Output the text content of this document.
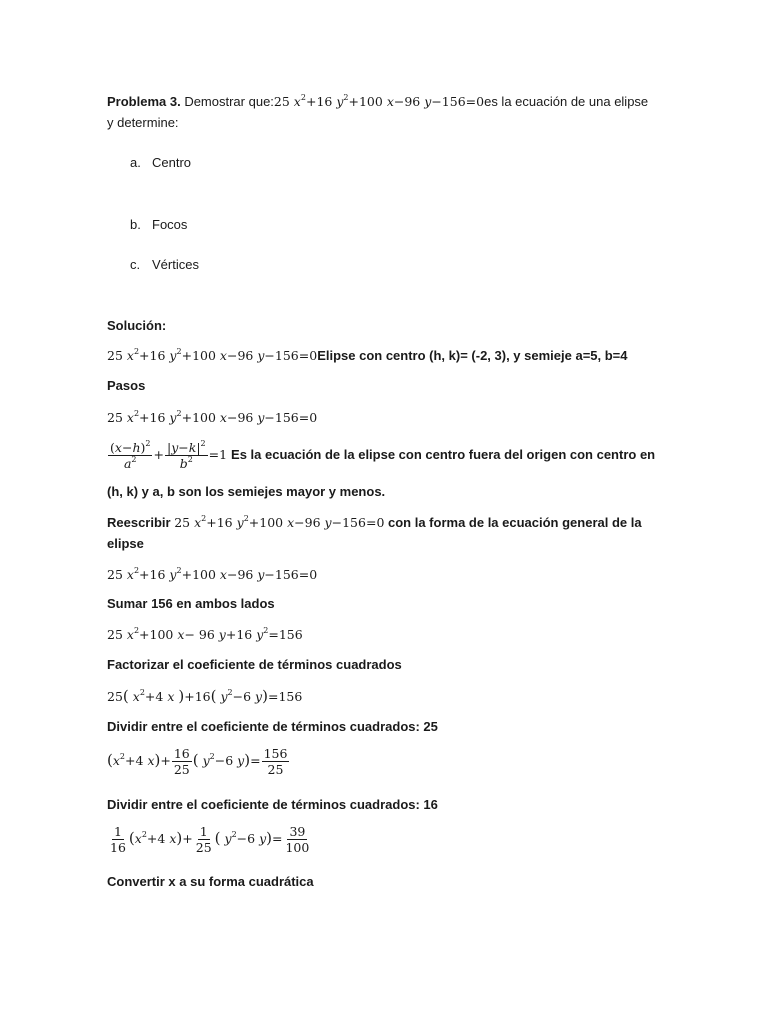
Problema 3. Demostrar que:25 $x^2+16$ $y^2+100$ x−96 y−156=0es la ecuación de una elipse
y determine:
a. Centro
b. Focos
c. Vértices
Solución:
25 $x^2+16$ $y^2+100$ x−96 y−156=0Elipse con centro (h, k)= (-2, 3), y semieje a=5, b=4
Pasos
25 $x^2+16$ $y^2+100$ x−96 y−156=0
$\frac{(x-h)^2}{a^2} + \frac{|y-k|^2}{b^2} =1$ Es la ecuación de la elipse con centro fuera del origen con centro en
(h, k) y a, b son los semiejes mayor y menos.
Reescribir 25 $x^2+16$ $y^2+100$ x−96 y−156=0 con la forma de la ecuación general de la
elipse
25 $x^2+16$ $y^2+100$ x−96 y−156=0
Sumar 156 en ambos lados
25 $x^2+100$ x− 96 y+16 $y^2=156$
Factorizar el coeficiente de términos cuadrados
25( $x^2+4$ x )+16( $y^2-6$ y)=156
Dividir entre el coeficiente de términos cuadrados: 25
($x^2+4$ $x)+ \frac{16}{25}$ ( $y^2-6$ $y)= \frac{156}{25}$
Dividir entre el coeficiente de términos cuadrados: 16
$\frac{1}{16} (x^2+4$ $x)+ \frac{1}{25}$ ( $y^2-6$ $y)= \frac{39}{100}$
Convertir x a su forma cuadrática
